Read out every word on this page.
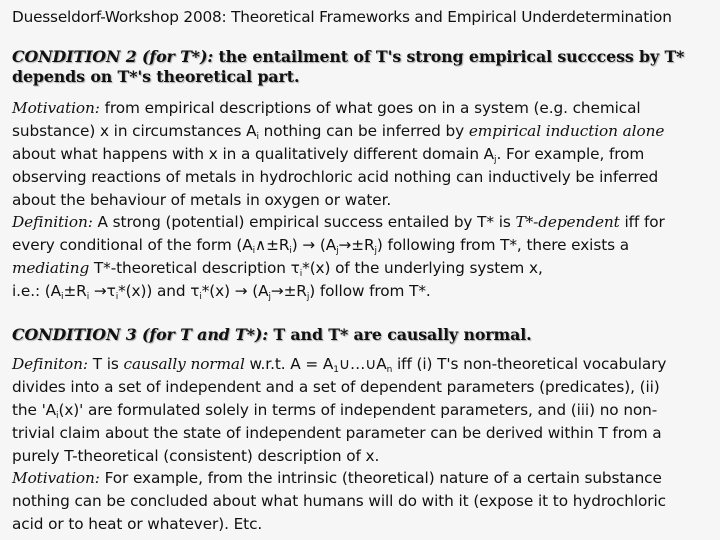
Duesseldorf-Workshop 2008: Theoretical Frameworks and Empirical Underdetermination
CONDITION 2 (for T*): the entailment of T's strong empirical succcess by T*
depends on T*'s theoretical part.
Motivation: from empirical descriptions of what goes on in a system (e.g. chemical
substance) x in circumstances $A_i$ nothing can be inferred by empirical induction alone
about what happens with x in a qualitatively different domain $A_j$. For example, from
observing reactions of metals in hydrochloric acid nothing can inductively be inferred
about the behaviour of metals in oxygen or water.
Definition: A strong (potential) empirical success entailed by T* is T*-dependent iff for
every conditional of the form $(A_i\wedge\pm R_i) \to (A_j\to\pm R_j)$ following from T*, there exists a
mediating T*-theoretical description $\tau_i*(x)$ of the underlying system x,
i.e.: $(A_i\pm R_i \to\tau_i*(x))$ and $\tau_i*(x) \to (A_j\to\pm R_j)$ follow from T*.
CONDITION 3 (for T and T*): T and T* are causally normal.
Definiton: T is causally normal w.r.t. $A = A_1\cup\dots\cup A_n$ iff (i) T's non-theoretical vocabulary
divides into a set of independent and a set of dependent parameters (predicates), (ii)
the '$A_i(x)$' are formulated solely in terms of independent parameters, and (iii) no non-
trivial claim about the state of independent parameter can be derived within T from a
purely T-theoretical (consistent) description of x.
Motivation: For example, from the intrinsic (theoretical) nature of a certain substance
nothing can be concluded about what humans will do with it (expose it to hydrochloric
acid or to heat or whatever). Etc.
